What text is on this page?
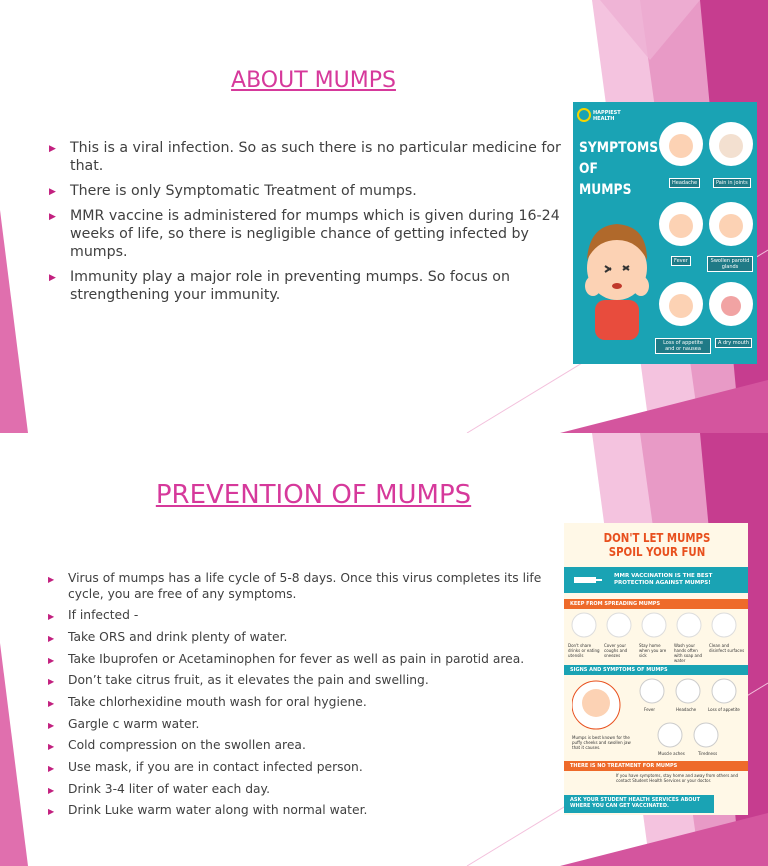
ABOUT MUMPS
▶ This is a viral infection. So as such there is no particular medicine for that.
▶ There is only Symptomatic Treatment of mumps.
▶ MMR vaccine is administered for mumps which is given during 16-24 weeks of life, so there is negligible chance of getting infected by mumps.
▶ Immunity play a major role in preventing mumps. So focus on strengthening your immunity.
HAPPIEST HEALTH
SYMPTOMS
OF
MUMPS	Headache	Pain in joints
Fever	Swollen parotid glands
Loss of appetite and or nausea
A dry mouth
PREVENTION OF MUMPS
▶ Virus of mumps has a life cycle of 5-8 days. Once this virus completes its life cycle, you are free of any symptoms.
▶ If infected -
▶ Take ORS and drink plenty of water.
▶ Take Ibuprofen or Acetaminophen for fever as well as pain in parotid area.
▶ Don’t take citrus fruit, as it elevates the pain and swelling.
▶ Take chlorhexidine mouth wash for oral hygiene.
▶ Gargle c warm water.
▶ Cold compression on the swollen area.
▶ Use mask, if you are in contact infected person.
▶ Drink 3-4 liter of water each day.
▶ Drink Luke warm water along with normal water.
DON'T LET MUMPS
SPOIL YOUR FUN
MMR VACCINATION IS THE BEST PROTECTION AGAINST MUMPS!
KEEP FROM SPREADING MUMPS
Don't share drinks or eating utensils
Cover your coughs and sneezes
Stay home when you are sick
Wash your hands often with soap and water
Clean and disinfect surfaces
SIGNS AND SYMPTOMS OF MUMPS
Fever	Headache	Loss of appetite
Muscle aches	Tiredness
Mumps is best known for the puffy cheeks and swollen jaw that it causes.
THERE IS NO TREATMENT FOR MUMPS
If you have symptoms, stay home and away from others and contact Student Health Services or your doctor.
ASK YOUR STUDENT HEALTH SERVICES ABOUT WHERE YOU CAN GET VACCINATED.
